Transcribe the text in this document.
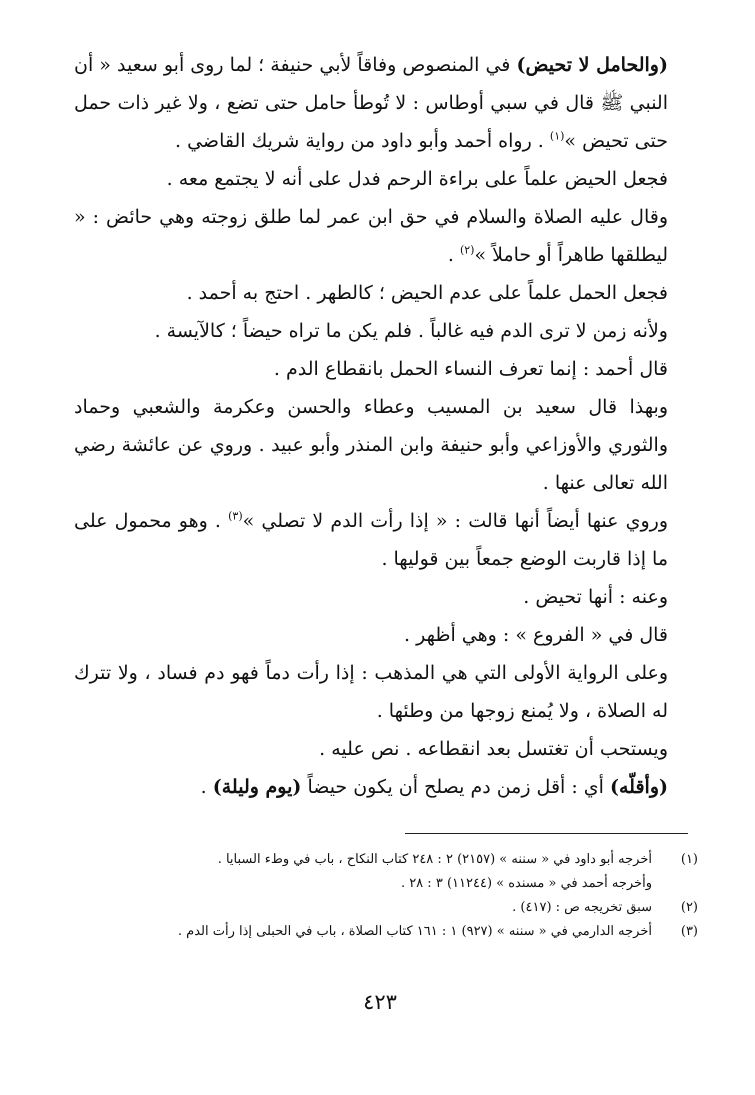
(والحامل لا تحيض) في المنصوص وفاقاً لأبي حنيفة ؛ لما روى أبو سعيد « أن النبي ﷺ قال في سبي أوطاس : لا تُوطأ حامل حتى تضع ، ولا غير ذات حمل حتى تحيض »$^{(١)}$ . رواه أحمد وأبو داود من رواية شريك القاضي .

فجعل الحيض علماً على براءة الرحم فدل على أنه لا يجتمع معه .

وقال عليه الصلاة والسلام في حق ابن عمر لما طلق زوجته وهي حائض : « ليطلقها طاهراً أو حاملاً »$^{(٢)}$ .

فجعل الحمل علماً على عدم الحيض ؛ كالطهر . احتج به أحمد .

ولأنه زمن لا ترى الدم فيه غالباً . فلم يكن ما تراه حيضاً ؛ كالآيسة .

قال أحمد : إنما تعرف النساء الحمل بانقطاع الدم .

وبهذا قال سعيد بن المسيب وعطاء والحسن وعكرمة والشعبي وحماد والثوري والأوزاعي وأبو حنيفة وابن المنذر وأبو عبيد . وروي عن عائشة رضي الله تعالى عنها .

وروي عنها أيضاً أنها قالت : « إذا رأت الدم لا تصلي »$^{(٣)}$ . وهو محمول على ما إذا قاربت الوضع جمعاً بين قوليها .

وعنه : أنها تحيض .

قال في « الفروع » : وهي أظهر .

وعلى الرواية الأولى التي هي المذهب : إذا رأت دماً فهو دم فساد ، ولا تترك له الصلاة ، ولا يُمنع زوجها من وطئها .

ويستحب أن تغتسل بعد انقطاعه . نص عليه .

(وأقلّه) أي : أقل زمن دم يصلح أن يكون حيضاً (يوم وليلة) .

(١)
أخرجه أبو داود في « سننه » (٢١٥٧) ٢ : ٢٤٨ كتاب النكاح ، باب في وطء السبايا .
وأخرجه أحمد في « مسنده » (١١٢٤٤) ٣ : ٢٨ .
(٢)
سبق تخريجه ص : (٤١٧) .
(٣)
أخرجه الدارمي في « سننه » (٩٢٧) ١ : ١٦١ كتاب الصلاة ، باب في الحبلى إذا رأت الدم .
٤٢٣
